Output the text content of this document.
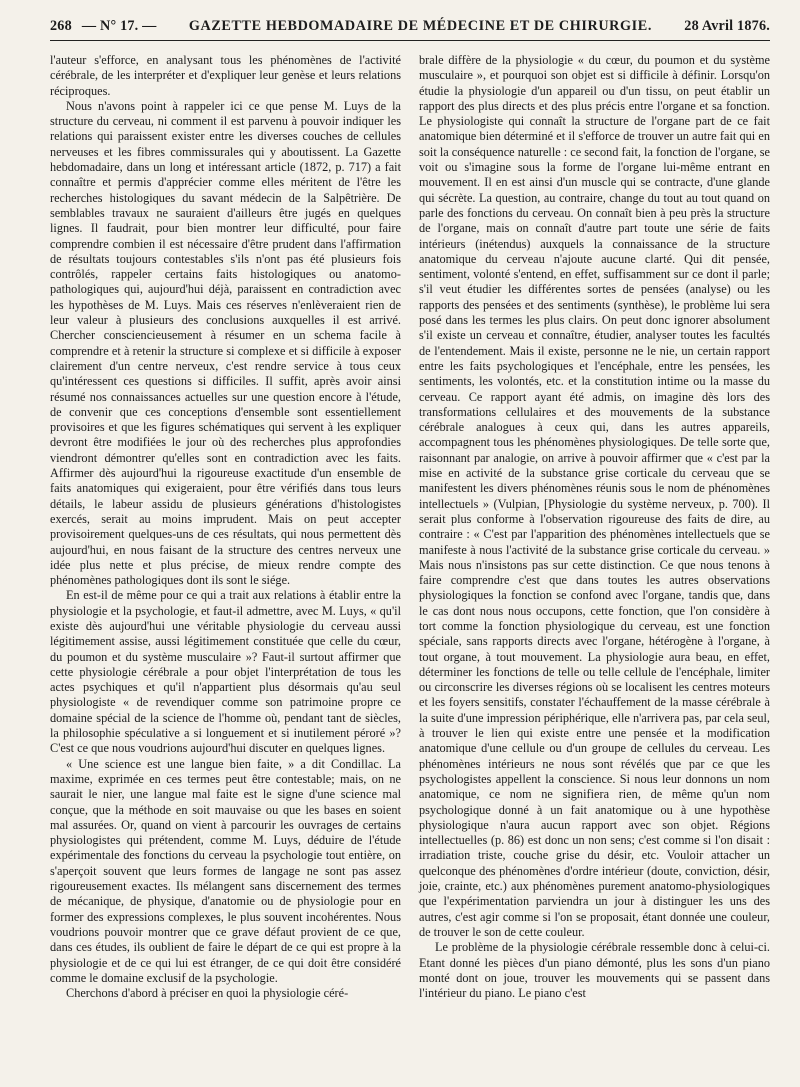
268 — N° 17. — GAZETTE HEBDOMADAIRE DE MÉDECINE ET DE CHIRURGIE. 28 Avril 1876.

l'auteur s'efforce, en analysant tous les phénomènes de l'activité cérébrale, de les interpréter et d'expliquer leur genèse et leurs relations réciproques.

Nous n'avons point à rappeler ici ce que pense M. Luys de la structure du cerveau, ni comment il est parvenu à pouvoir indiquer les relations qui paraissent exister entre les diverses couches de cellules nerveuses et les fibres commissurales qui y aboutissent. La Gazette hebdomadaire, dans un long et intéressant article (1872, p. 717) a fait connaître et permis d'apprécier comme elles méritent de l'être les recherches histologiques du savant médecin de la Salpêtrière. De semblables travaux ne sauraient d'ailleurs être jugés en quelques lignes. Il faudrait, pour bien montrer leur difficulté, pour faire comprendre combien il est nécessaire d'être prudent dans l'affirmation de résultats toujours contestables s'ils n'ont pas été plusieurs fois contrôlés, rappeler certains faits histologiques ou anatomo-pathologiques qui, aujourd'hui déjà, paraissent en contradiction avec les hypothèses de M. Luys. Mais ces réserves n'enlèveraient rien de leur valeur à plusieurs des conclusions auxquelles il est arrivé. Chercher consciencieusement à résumer en un schema facile à comprendre et à retenir la structure si complexe et si difficile à exposer clairement d'un centre nerveux, c'est rendre service à tous ceux qu'intéressent ces questions si difficiles. Il suffit, après avoir ainsi résumé nos connaissances actuelles sur une question encore à l'étude, de convenir que ces conceptions d'ensemble sont essentiellement provisoires et que les figures schématiques qui servent à les expliquer devront être modifiées le jour où des recherches plus approfondies viendront démontrer qu'elles sont en contradiction avec les faits. Affirmer dès aujourd'hui la rigoureuse exactitude d'un ensemble de faits anatomiques qui exigeraient, pour être vérifiés dans tous leurs détails, le labeur assidu de plusieurs générations d'histologistes exercés, serait au moins imprudent. Mais on peut accepter provisoirement quelques-uns de ces résultats, qui nous permettent dès aujourd'hui, en nous faisant de la structure des centres nerveux une idée plus nette et plus précise, de mieux rendre compte des phénomènes pathologiques dont ils sont le siége.

En est-il de même pour ce qui a trait aux relations à établir entre la physiologie et la psychologie, et faut-il admettre, avec M. Luys, « qu'il existe dès aujourd'hui une véritable physiologie du cerveau aussi légitimement assise, aussi légitimement constituée que celle du cœur, du poumon et du système musculaire »? Faut-il surtout affirmer que cette physiologie cérébrale a pour objet l'interprétation de tous les actes psychiques et qu'il n'appartient plus désormais qu'au seul physiologiste « de revendiquer comme son patrimoine propre ce domaine spécial de la science de l'homme où, pendant tant de siècles, la philosophie spéculative a si longuement et si inutilement péroré »? C'est ce que nous voudrions aujourd'hui discuter en quelques lignes.

« Une science est une langue bien faite, » a dit Condillac. La maxime, exprimée en ces termes peut être contestable; mais, on ne saurait le nier, une langue mal faite est le signe d'une science mal conçue, que la méthode en soit mauvaise ou que les bases en soient mal assurées. Or, quand on vient à parcourir les ouvrages de certains physiologistes qui prétendent, comme M. Luys, déduire de l'étude expérimentale des fonctions du cerveau la psychologie tout entière, on s'aperçoit souvent que leurs formes de langage ne sont pas assez rigoureusement exactes. Ils mélangent sans discernement des termes de mécanique, de physique, d'anatomie ou de physiologie pour en former des expressions complexes, le plus souvent incohérentes. Nous voudrions pouvoir montrer que ce grave défaut provient de ce que, dans ces études, ils oublient de faire le départ de ce qui est propre à la physiologie et de ce qui lui est étranger, de ce qui doit être considéré comme le domaine exclusif de la psychologie.

Cherchons d'abord à préciser en quoi la physiologie céré-

brale diffère de la physiologie « du cœur, du poumon et du système musculaire », et pourquoi son objet est si difficile à définir. Lorsqu'on étudie la physiologie d'un appareil ou d'un tissu, on peut établir un rapport des plus directs et des plus précis entre l'organe et sa fonction. Le physiologiste qui connaît la structure de l'organe part de ce fait anatomique bien déterminé et il s'efforce de trouver un autre fait qui en soit la conséquence naturelle : ce second fait, la fonction de l'organe, se voit ou s'imagine sous la forme de l'organe lui-même entrant en mouvement. Il en est ainsi d'un muscle qui se contracte, d'une glande qui sécrète. La question, au contraire, change du tout au tout quand on parle des fonctions du cerveau. On connaît bien à peu près la structure de l'organe, mais on connaît d'autre part toute une série de faits intérieurs (inétendus) auxquels la connaissance de la structure anatomique du cerveau n'ajoute aucune clarté. Qui dit pensée, sentiment, volonté s'entend, en effet, suffisamment sur ce dont il parle; s'il veut étudier les différentes sortes de pensées (analyse) ou les rapports des pensées et des sentiments (synthèse), le problème lui sera posé dans les termes les plus clairs. On peut donc ignorer absolument s'il existe un cerveau et connaître, étudier, analyser toutes les facultés de l'entendement. Mais il existe, personne ne le nie, un certain rapport entre les faits psychologiques et l'encéphale, entre les pensées, les sentiments, les volontés, etc. et la constitution intime ou la masse du cerveau. Ce rapport ayant été admis, on imagine dès lors des transformations cellulaires et des mouvements de la substance cérébrale analogues à ceux qui, dans les autres appareils, accompagnent tous les phénomènes physiologiques. De telle sorte que, raisonnant par analogie, on arrive à pouvoir affirmer que « c'est par la mise en activité de la substance grise corticale du cerveau que se manifestent les divers phénomènes réunis sous le nom de phénomènes intellectuels » (Vulpian, [Physiologie du système nerveux, p. 700). Il serait plus conforme à l'observation rigoureuse des faits de dire, au contraire : « C'est par l'apparition des phénomènes intellectuels que se manifeste à nous l'activité de la substance grise corticale du cerveau. » Mais nous n'insistons pas sur cette distinction. Ce que nous tenons à faire comprendre c'est que dans toutes les autres observations physiologiques la fonction se confond avec l'organe, tandis que, dans le cas dont nous nous occupons, cette fonction, que l'on considère à tort comme la fonction physiologique du cerveau, est une fonction spéciale, sans rapports directs avec l'organe, hétérogène à l'organe, à tout organe, à tout mouvement. La physiologie aura beau, en effet, déterminer les fonctions de telle ou telle cellule de l'encéphale, limiter ou circonscrire les diverses régions où se localisent les centres moteurs et les foyers sensitifs, constater l'échauffement de la masse cérébrale à la suite d'une impression périphérique, elle n'arrivera pas, par cela seul, à trouver le lien qui existe entre une pensée et la modification anatomique d'une cellule ou d'un groupe de cellules du cerveau. Les phénomènes intérieurs ne nous sont révélés que par ce que les psychologistes appellent la conscience. Si nous leur donnons un nom anatomique, ce nom ne signifiera rien, de même qu'un nom psychologique donné à un fait anatomique ou à une hypothèse physiologique n'aura aucun rapport avec son objet. Régions intellectuelles (p. 86) est donc un non sens; c'est comme si l'on disait : irradiation triste, couche grise du désir, etc. Vouloir attacher un quelconque des phénomènes d'ordre intérieur (doute, conviction, désir, joie, crainte, etc.) aux phénomènes purement anatomo-physiologiques que l'expérimentation parviendra un jour à distinguer les uns des autres, c'est agir comme si l'on se proposait, étant donnée une couleur, de trouver le son de cette couleur.

Le problème de la physiologie cérébrale ressemble donc à celui-ci. Etant donné les pièces d'un piano démonté, plus les sons d'un piano monté dont on joue, trouver les mouvements qui se passent dans l'intérieur du piano. Le piano c'est
